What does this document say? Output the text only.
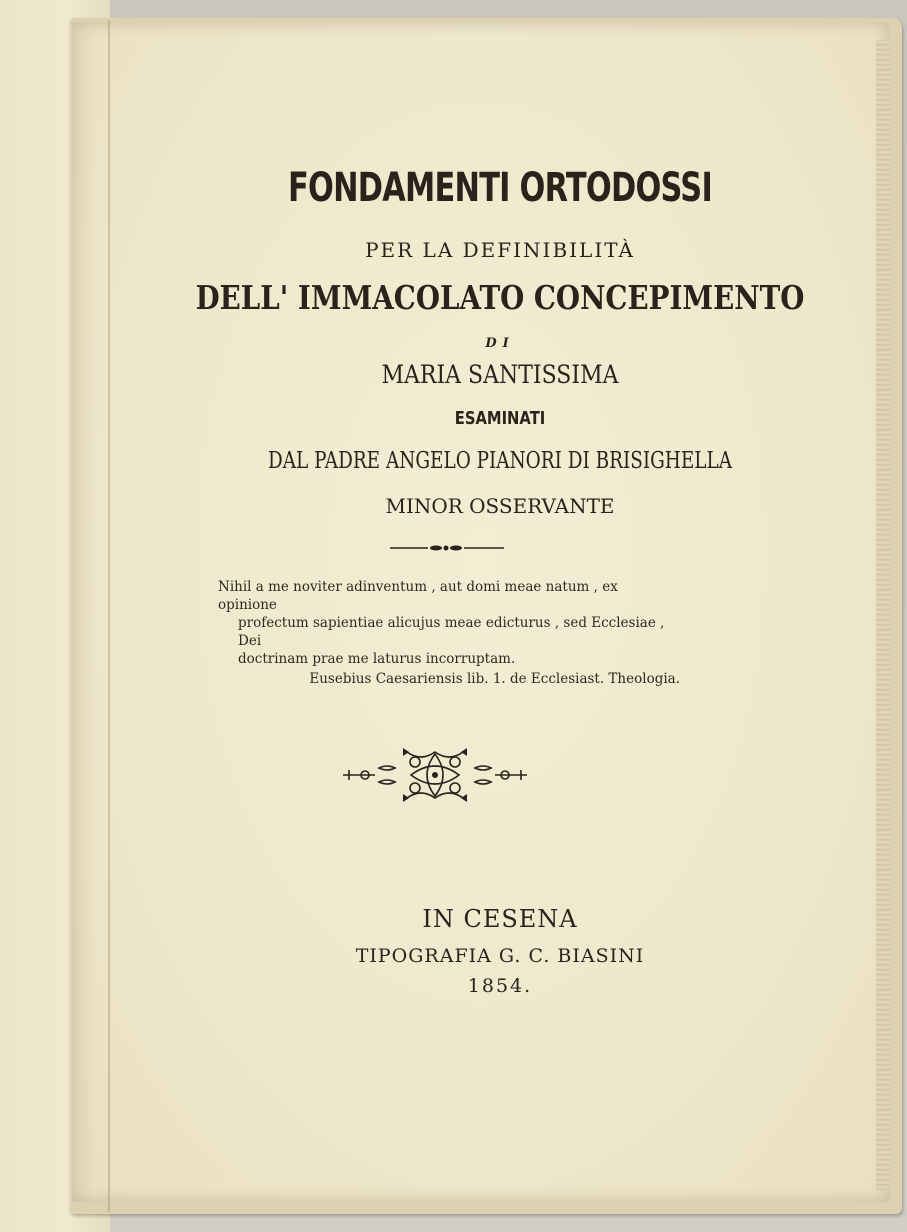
FONDAMENTI ORTODOSSI
PER LA DEFINIBILITÀ
DELL' IMMACOLATO CONCEPIMENTO
DI
MARIA SANTISSIMA
ESAMINATI
DAL PADRE ANGELO PIANORI DI BRISIGHELLA
MINOR OSSERVANTE
Nihil a me noviter adinventum , aut domi meae natum , ex opinione
profectum sapientiae alicujus meae edicturus , sed Ecclesiae , Dei
doctrinam prae me laturus incorruptam.
Eusebius Caesariensis lib. 1. de Ecclesiast. Theologia.
IN CESENA
TIPOGRAFIA G. C. BIASINI
1854.
